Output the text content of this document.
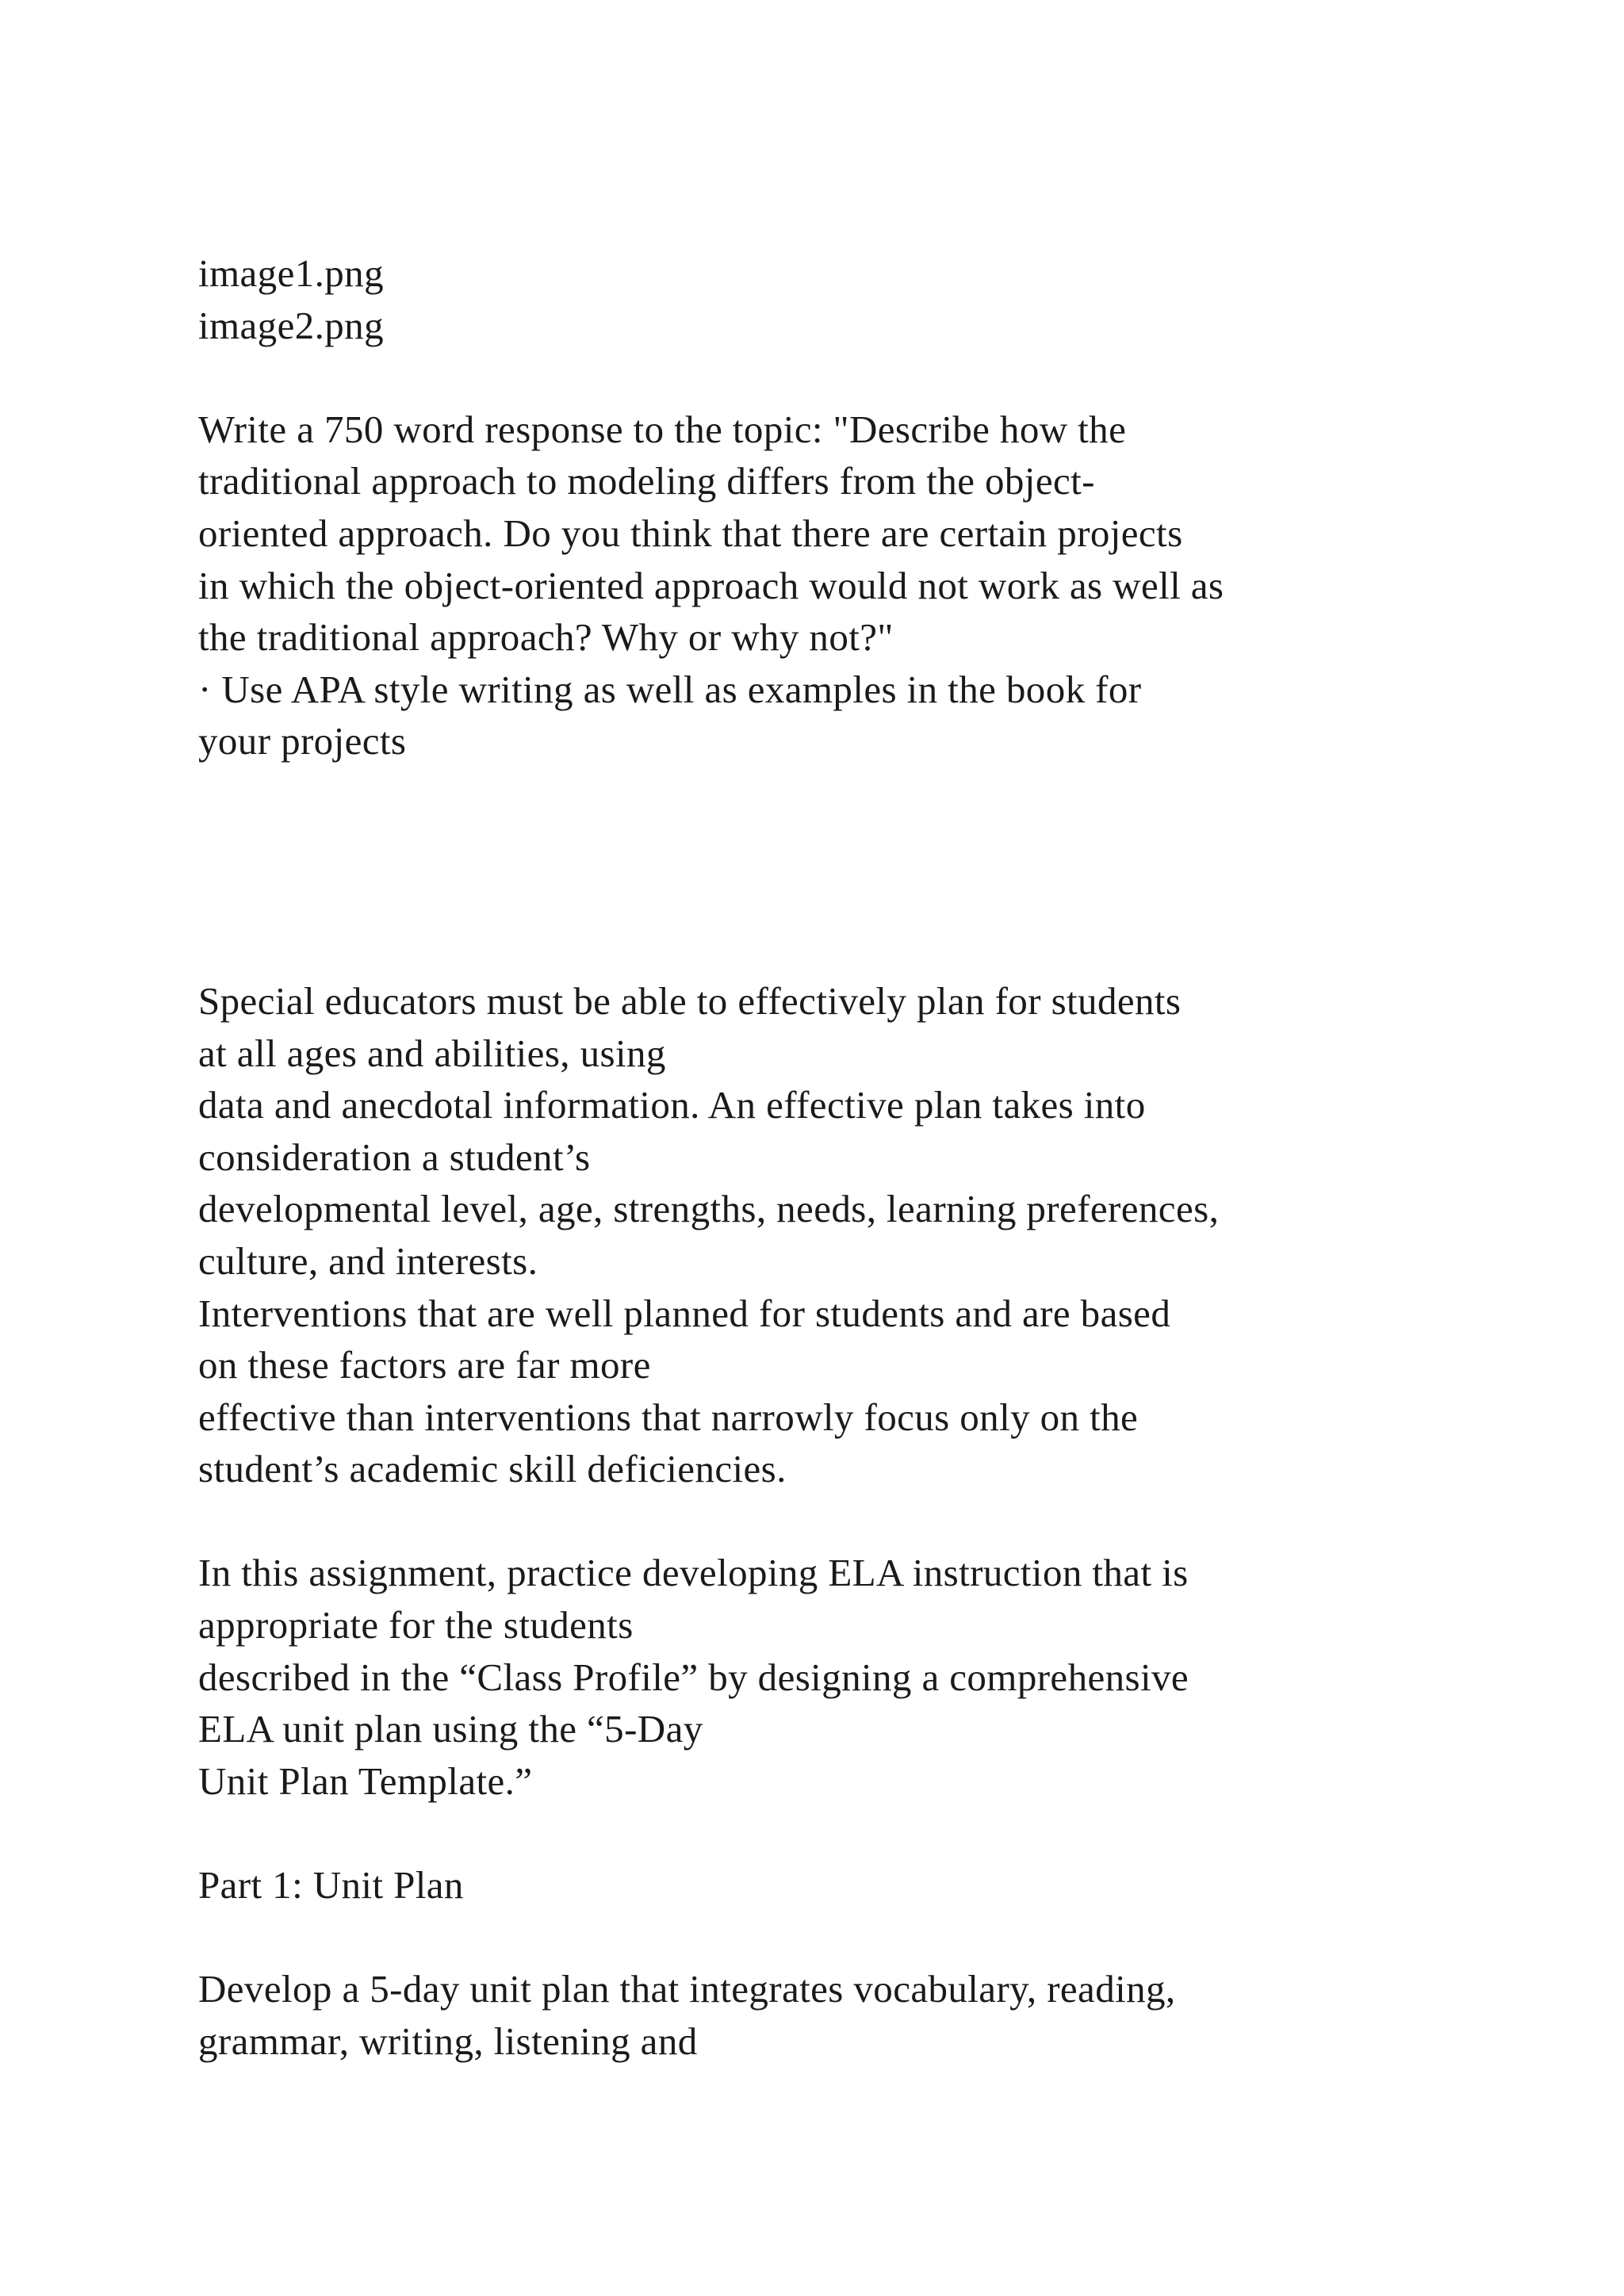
image1.png
image2.png
Write a 750 word response to the topic: "Describe how the
traditional approach to modeling differs from the object-
oriented approach. Do you think that there are certain projects
in which the object-oriented approach would not work as well as
the traditional approach? Why or why not?"
· Use APA style writing as well as examples in the book for
your projects
Special educators must be able to effectively plan for students
at all ages and abilities, using
data and anecdotal information. An effective plan takes into
consideration a student’s
developmental level, age, strengths, needs, learning preferences,
culture, and interests.
Interventions that are well planned for students and are based
on these factors are far more
effective than interventions that narrowly focus only on the
student’s academic skill deficiencies.
In this assignment, practice developing ELA instruction that is
appropriate for the students
described in the “Class Profile” by designing a comprehensive
ELA unit plan using the “5-Day
Unit Plan Template.”
Part 1: Unit Plan
Develop a 5-day unit plan that integrates vocabulary, reading,
grammar, writing, listening and
